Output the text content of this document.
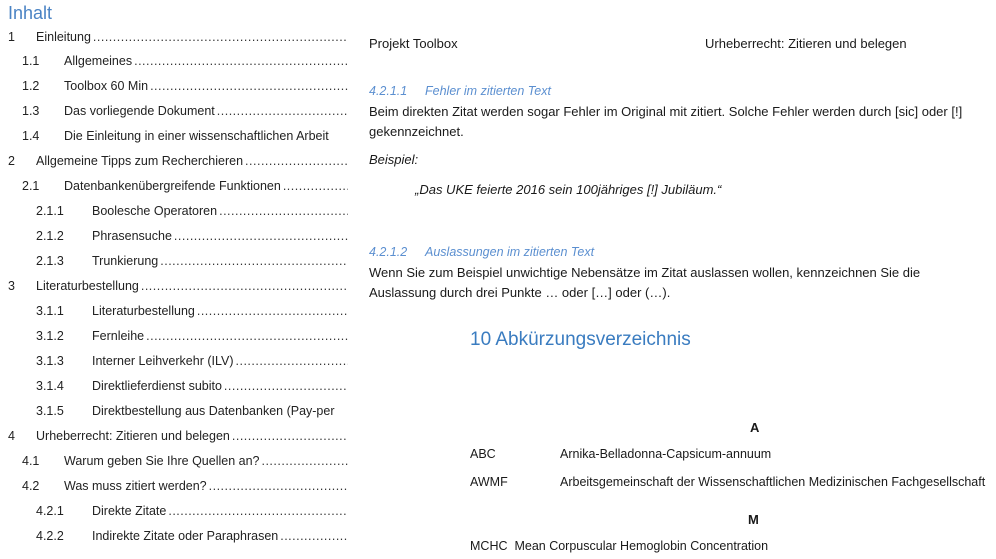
Inhalt
1	Einleitung
.....
1.1	Allgemeines
.....
1.2	Toolbox 60 Min
.....
1.3	Das vorliegende Dokument
.....
1.4	Die Einleitung in einer wissenschaftlichen Arbeit
2	Allgemeine Tipps zum Recherchieren
.....
2.1	Datenbankenübergreifende Funktionen
.....
2.1.1	Boolesche Operatoren
.....
2.1.2	Phrasensuche
.....
2.1.3	Trunkierung
.....
3	Literaturbestellung
.....
3.1.1	Literaturbestellung
.....
3.1.2	Fernleihe
.....
3.1.3	Interner Leihverkehr (ILV)
.....
3.1.4	Direktlieferdienst subito
.....
3.1.5	Direktbestellung aus Datenbanken (Pay-per
4	Urheberrecht: Zitieren und belegen
.....
4.1	Warum geben Sie Ihre Quellen an?
.....
4.2	Was muss zitiert werden?
.....
4.2.1	Direkte Zitate
.....
4.2.2	Indirekte Zitate oder Paraphrasen
.....
Projekt Toolbox	Urheberrecht: Zitieren und belegen
4.2.1.1 Fehler im zitierten Text
Beim direkten Zitat werden sogar Fehler im Original mit zitiert. Solche Fehler werden durch [sic] oder [!] gekennzeichnet.
Beispiel:
„Das UKE feierte 2016 sein 100jähriges [!] Jubiläum.“
4.2.1.2 Auslassungen im zitierten Text
Wenn Sie zum Beispiel unwichtige Nebensätze im Zitat auslassen wollen, kennzeichnen Sie die Auslassung durch drei Punkte … oder […] oder (…).
10 Abkürzungsverzeichnis
A
ABC	Arnika-Belladonna-Capsicum-annuum
AWMF	Arbeitsgemeinschaft der Wissenschaftlichen Medizinischen Fachgesellschaft
M
MCHC Mean Corpuscular Hemoglobin Concentration
